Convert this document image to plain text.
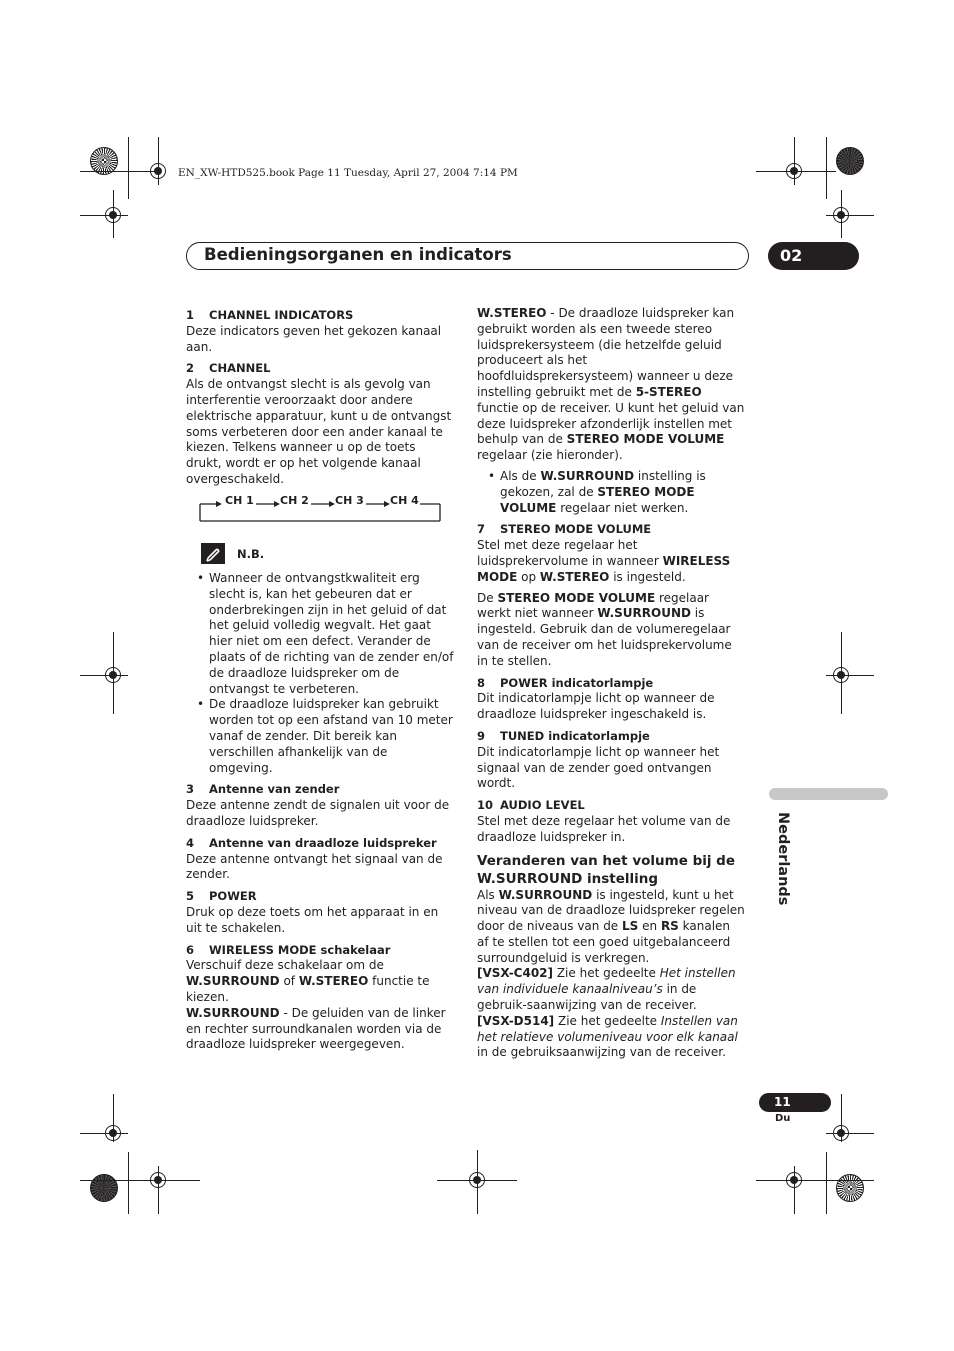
EN_XW-HTD525.book Page 11 Tuesday, April 27, 2004 7:14 PM
Bedieningsorganen en indicators	02

1 CHANNEL INDICATORS

Deze indicators geven het gekozen kanaal aan.

2 CHANNEL

Als de ontvangst slecht is als gevolg van interferentie veroorzaakt door andere elektrische apparatuur, kunt u de ontvangst soms verbeteren door een ander kanaal te kiezen. Telkens wanneer u op de toets drukt, wordt er op het volgende kanaal overgeschakeld.

CH 1 CH 2 CH 3 CH 4
N.B.
• Wanneer de ontvangstkwaliteit erg slecht is, kan het gebeuren dat er onderbrekingen zijn in het geluid of dat het geluid volledig wegvalt. Het gaat hier niet om een defect. Verander de plaats of de richting van de zender en/of de draadloze luidspreker om de ontvangst te verbeteren.
• De draadloze luidspreker kan gebruikt worden tot op een afstand van 10 meter vanaf de zender. Dit bereik kan verschillen afhankelijk van de omgeving.

3 Antenne van zender

Deze antenne zendt de signalen uit voor de draadloze luidspreker.

4 Antenne van draadloze luidspreker

Deze antenne ontvangt het signaal van de zender.

5 POWER

Druk op deze toets om het apparaat in en uit te schakelen.

6 WIRELESS MODE schakelaar

Verschuif deze schakelaar om de W.SURROUND of W.STEREO functie te kiezen.

W.SURROUND - De geluiden van de linker en rechter surroundkanalen worden via de draadloze luidspreker weergegeven.

W.STEREO - De draadloze luidspreker kan gebruikt worden als een tweede stereo luidsprekersysteem (die hetzelfde geluid produceert als het hoofdluidsprekersysteem) wanneer u deze instelling gebruikt met de 5-STEREO functie op de receiver. U kunt het geluid van deze luidspreker afzonderlijk instellen met behulp van de STEREO MODE VOLUME regelaar (zie hieronder).

• Als de W.SURROUND instelling is gekozen, zal de STEREO MODE VOLUME regelaar niet werken.

7 STEREO MODE VOLUME

Stel met deze regelaar het luidsprekervolume in wanneer WIRELESS MODE op W.STEREO is ingesteld.

De STEREO MODE VOLUME regelaar werkt niet wanneer W.SURROUND is ingesteld. Gebruik dan de volumeregelaar van de receiver om het luidsprekervolume in te stellen.

8 POWER indicatorlampje

Dit indicatorlampje licht op wanneer de draadloze luidspreker ingeschakeld is.

9 TUNED indicatorlampje

Dit indicatorlampje licht op wanneer het signaal van de zender goed ontvangen wordt.

10 AUDIO LEVEL

Stel met deze regelaar het volume van de draadloze luidspreker in.

Veranderen van het volume bij de W.SURROUND instelling

Als W.SURROUND is ingesteld, kunt u het niveau van de draadloze luidspreker regelen door de niveaus van de LS en RS kanalen af te stellen tot een goed uitgebalanceerd surroundgeluid is verkregen.

[VSX-C402] Zie het gedeelte Het instellen van individuele kanaalniveau’s in de gebruik-saanwijzing van de receiver.

[VSX-D514] Zie het gedeelte Instellen van het relatieve volumeniveau voor elk kanaal in de gebruiksaanwijzing van de receiver.

Nederlands
11
Du
